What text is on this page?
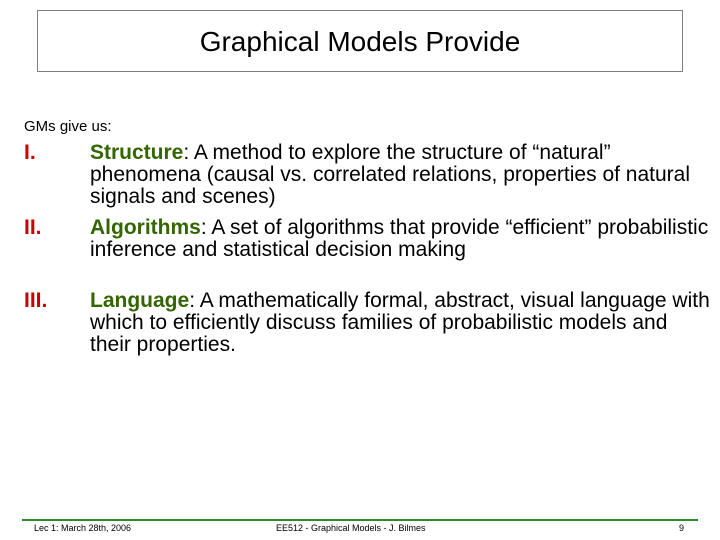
Graphical Models Provide
GMs give us:
I.	Structure: A method to explore the structure of “natural” phenomena (causal vs. correlated relations, properties of natural signals and scenes)
II. Algorithms: A set of algorithms that provide “efficient” probabilistic inference and statistical decision making
III. Language: A mathematically formal, abstract, visual language with which to efficiently discuss families of probabilistic models and their properties.
Lec 1: March 28th, 2006	EE512 - Graphical Models - J. Bilmes	9
